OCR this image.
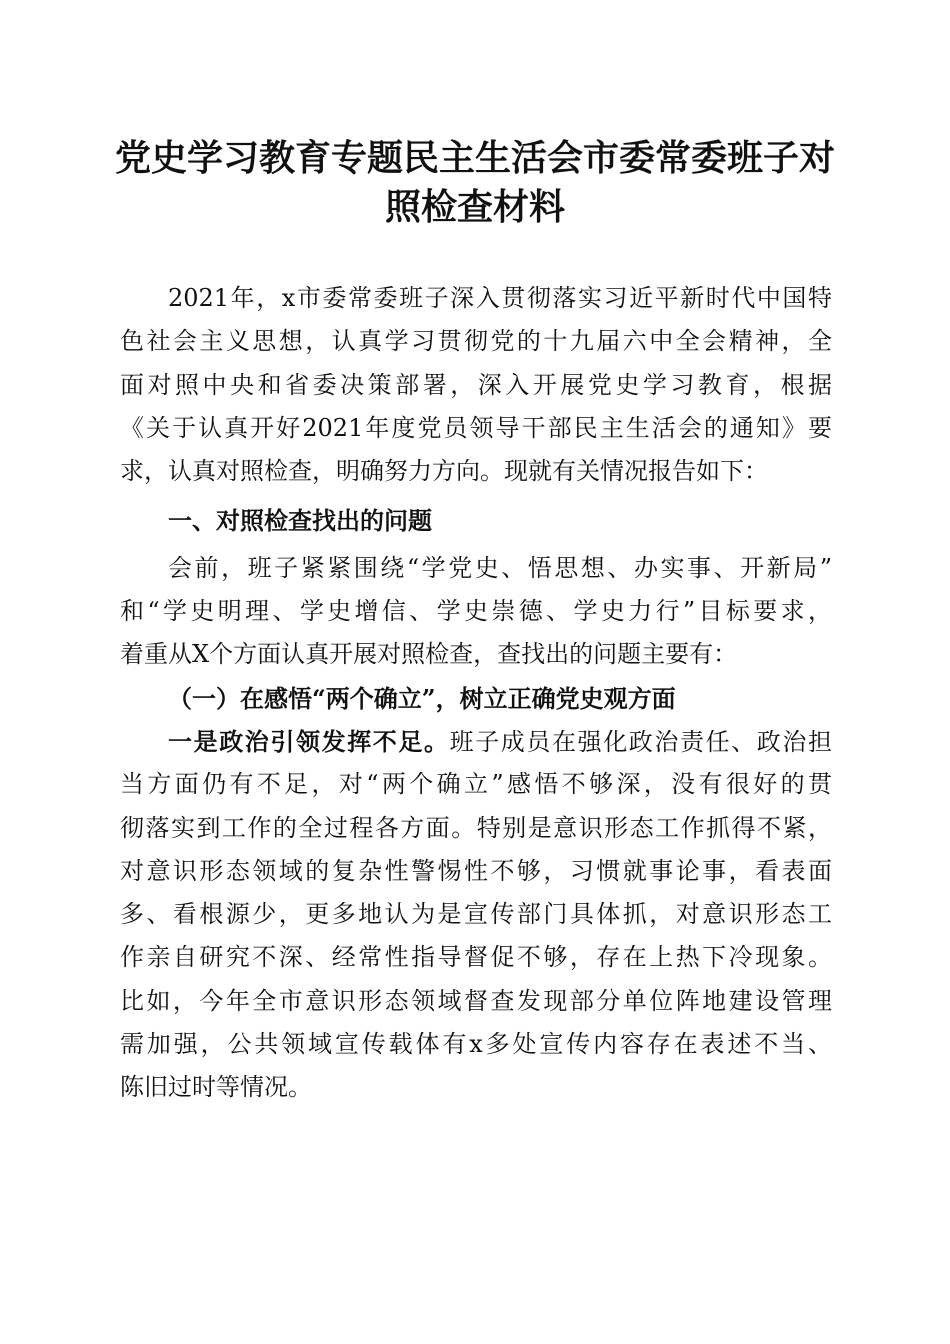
党史学习教育专题民主生活会市委常委班子对
照检查材料
2021年，x市委常委班子深入贯彻落实习近平新时代中国特
色社会主义思想，认真学习贯彻党的十九届六中全会精神，全
面对照中央和省委决策部署，深入开展党史学习教育，根据
《关于认真开好2021年度党员领导干部民主生活会的通知》要
求，认真对照检查，明确努力方向。现就有关情况报告如下：
一、对照检查找出的问题
会前，班子紧紧围绕“学党史、悟思想、办实事、开新局”
和“学史明理、学史增信、学史崇德、学史力行”目标要求，
着重从X个方面认真开展对照检查，查找出的问题主要有：
（一）在感悟“两个确立”，树立正确党史观方面
一是政治引领发挥不足。班子成员在强化政治责任、政治担
当方面仍有不足，对“两个确立”感悟不够深，没有很好的贯
彻落实到工作的全过程各方面。特别是意识形态工作抓得不紧，
对意识形态领域的复杂性警惕性不够，习惯就事论事，看表面
多、看根源少，更多地认为是宣传部门具体抓，对意识形态工
作亲自研究不深、经常性指导督促不够，存在上热下冷现象。
比如，今年全市意识形态领域督查发现部分单位阵地建设管理
需加强，公共领域宣传载体有x多处宣传内容存在表述不当、
陈旧过时等情况。
